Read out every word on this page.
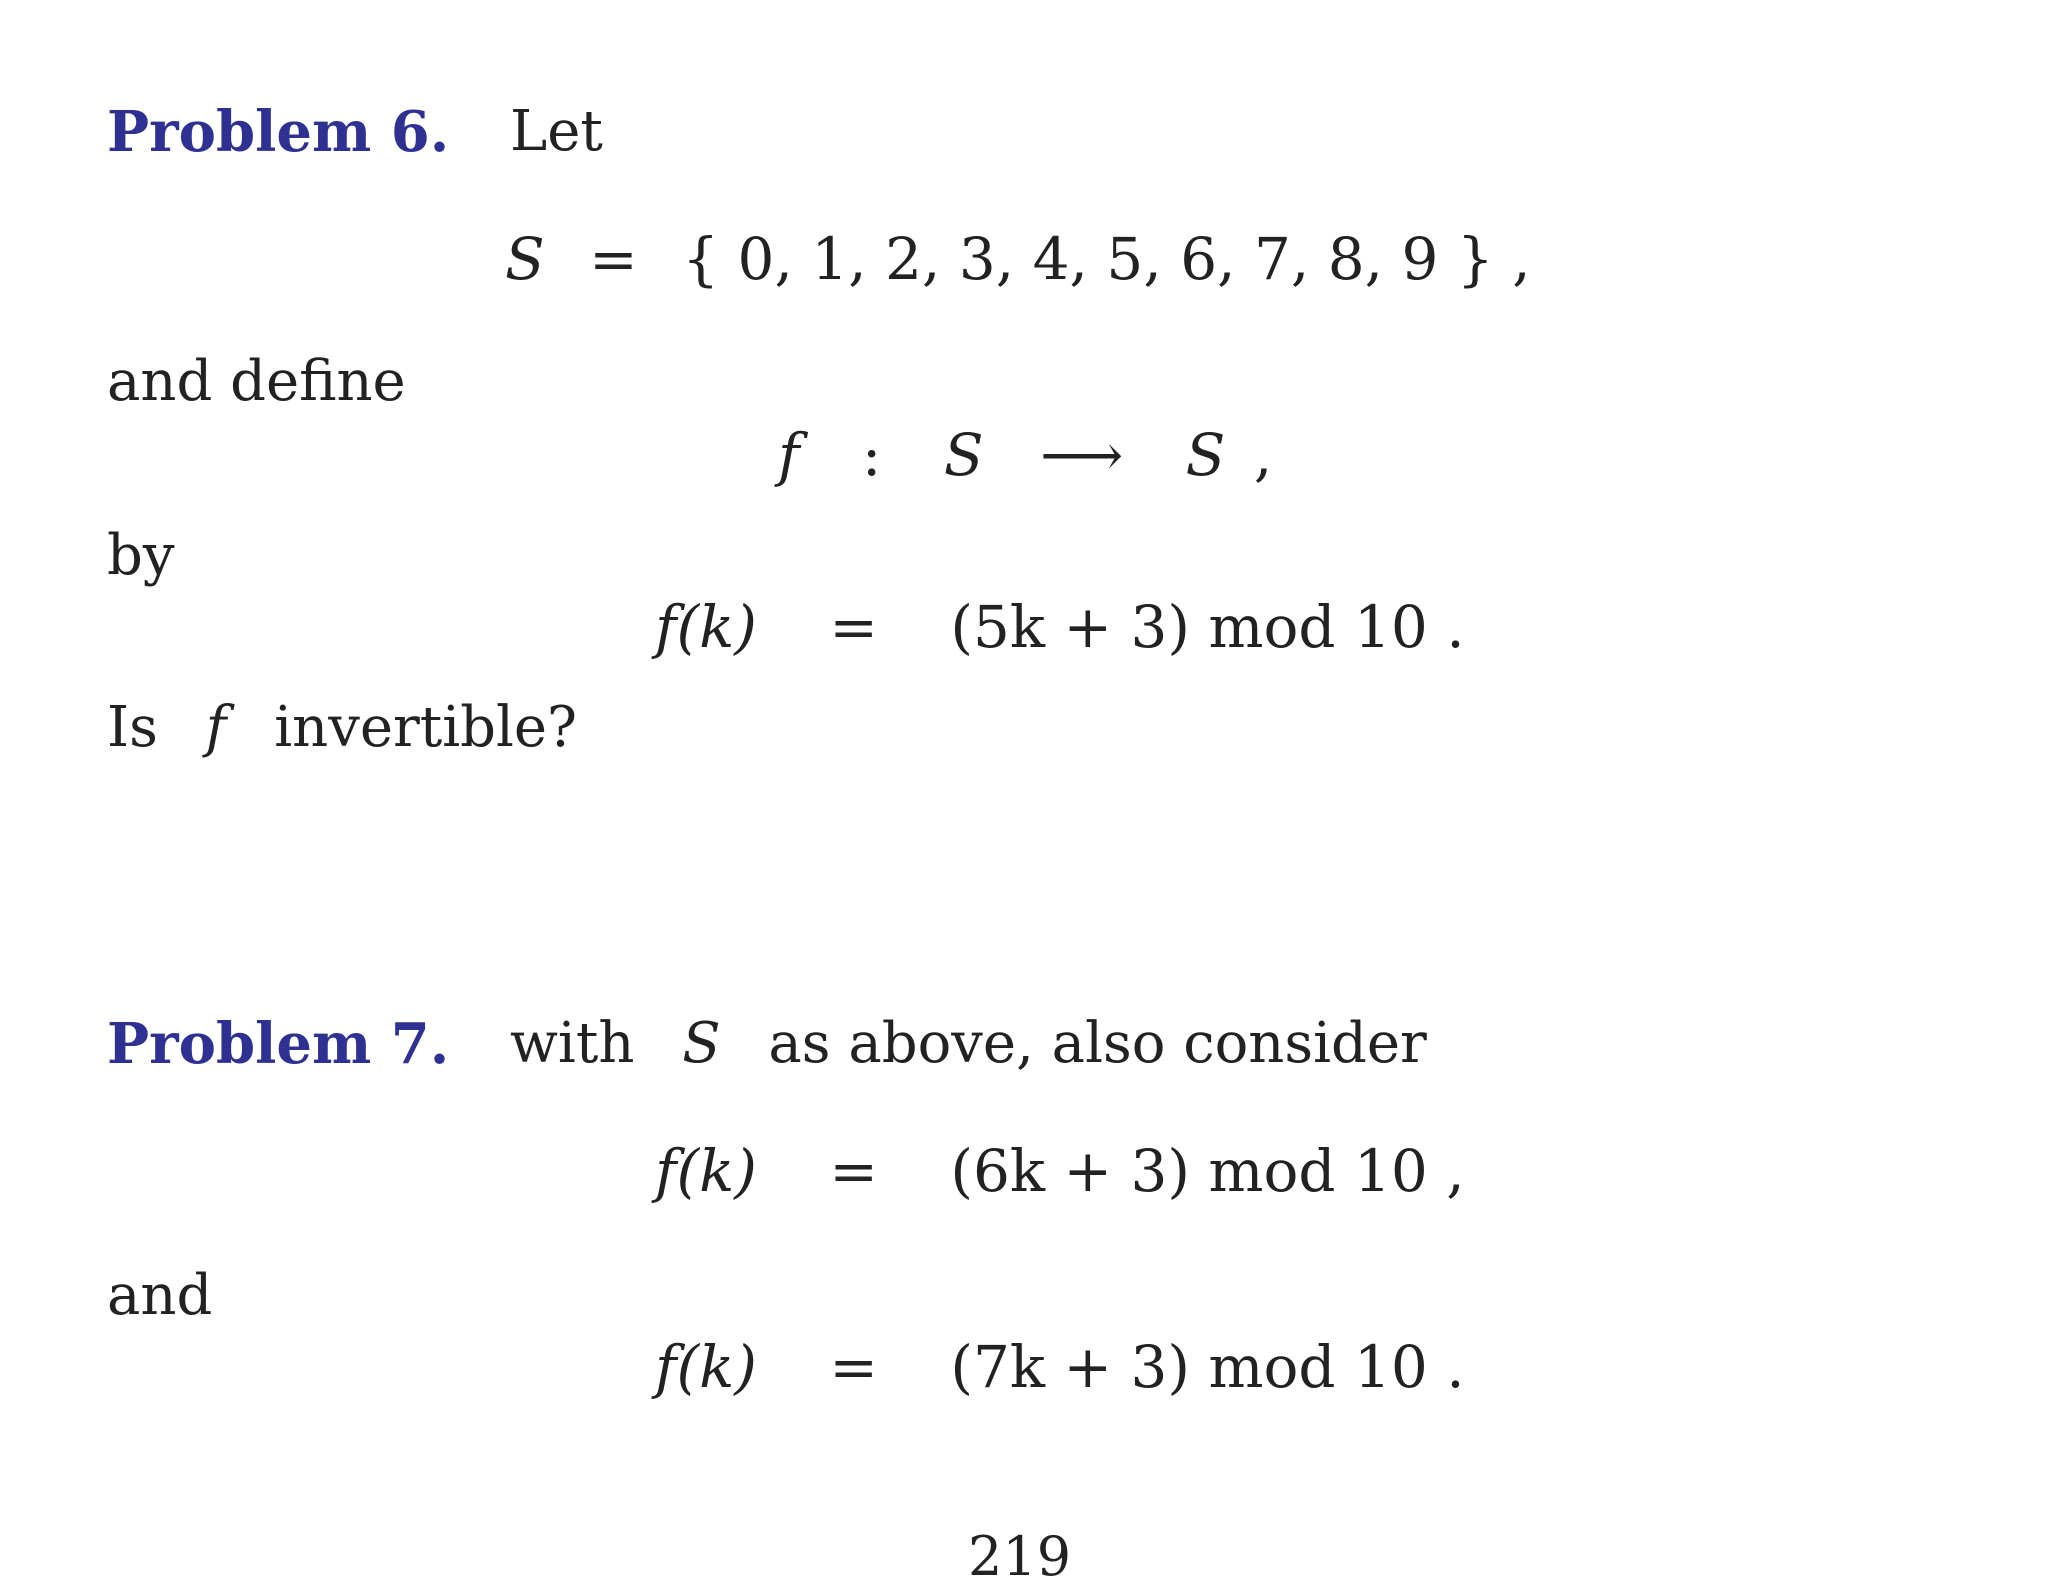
Problem 6. Let
S = { 0, 1, 2, 3, 4, 5, 6, 7, 8, 9 } ,
and define
f : S ⟶ S ,
by
f(k) = (5k + 3) mod 10 .
Is f invertible?
Problem 7. with S as above, also consider
f(k) = (6k + 3) mod 10 ,
and
f(k) = (7k + 3) mod 10 .
219
